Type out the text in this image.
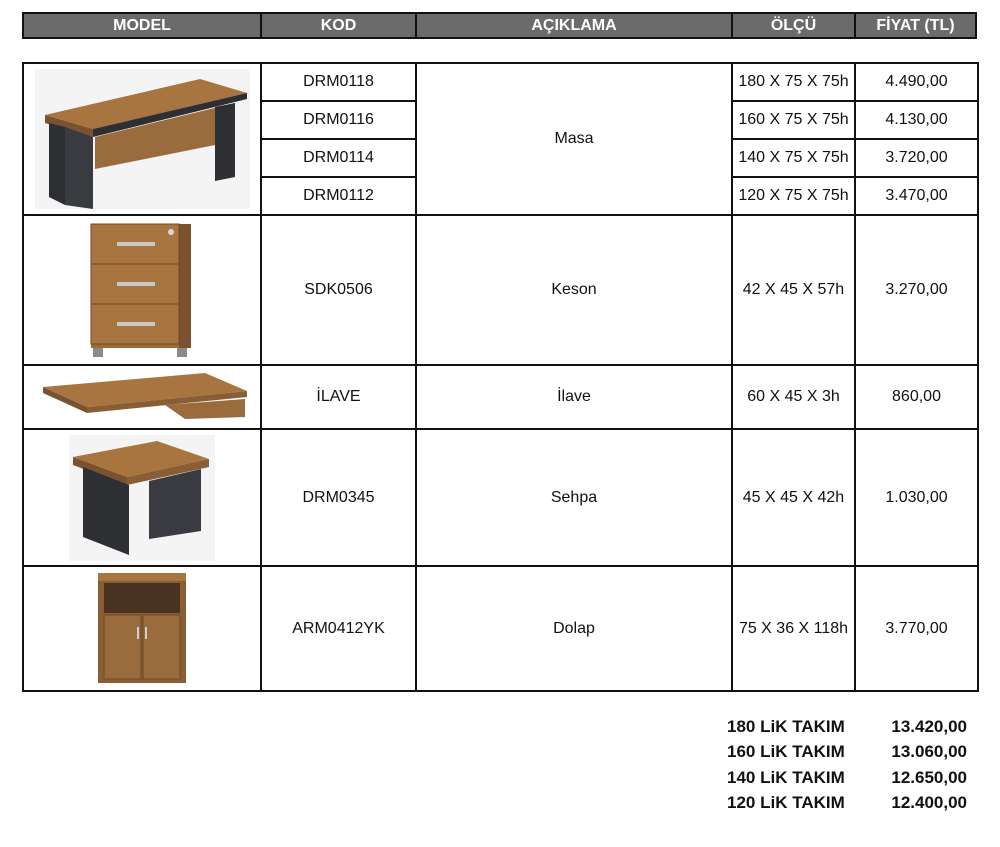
MODEL	KOD	AÇIKLAMA	ÖLÇÜ	FİYAT (TL)
	DRM0118	Masa	180 X 75 X 75h	4.490,00
	DRM0116		160 X 75 X 75h	4.130,00
	DRM0114		140 X 75 X 75h	3.720,00
	DRM0112		120 X 75 X 75h	3.470,00

	SDK0506	Keson	42 X 45 X 57h	3.270,00

	İLAVE	İlave	60 X 45 X 3h	860,00

	DRM0345	Sehpa	45 X 45 X 42h	1.030,00

	ARM0412YK	Dolap	75 X 36 X 118h	3.770,00
180 LiK TAKIM	13.420,00
160 LiK TAKIM	13.060,00
140 LiK TAKIM	12.650,00
120 LiK TAKIM	12.400,00
